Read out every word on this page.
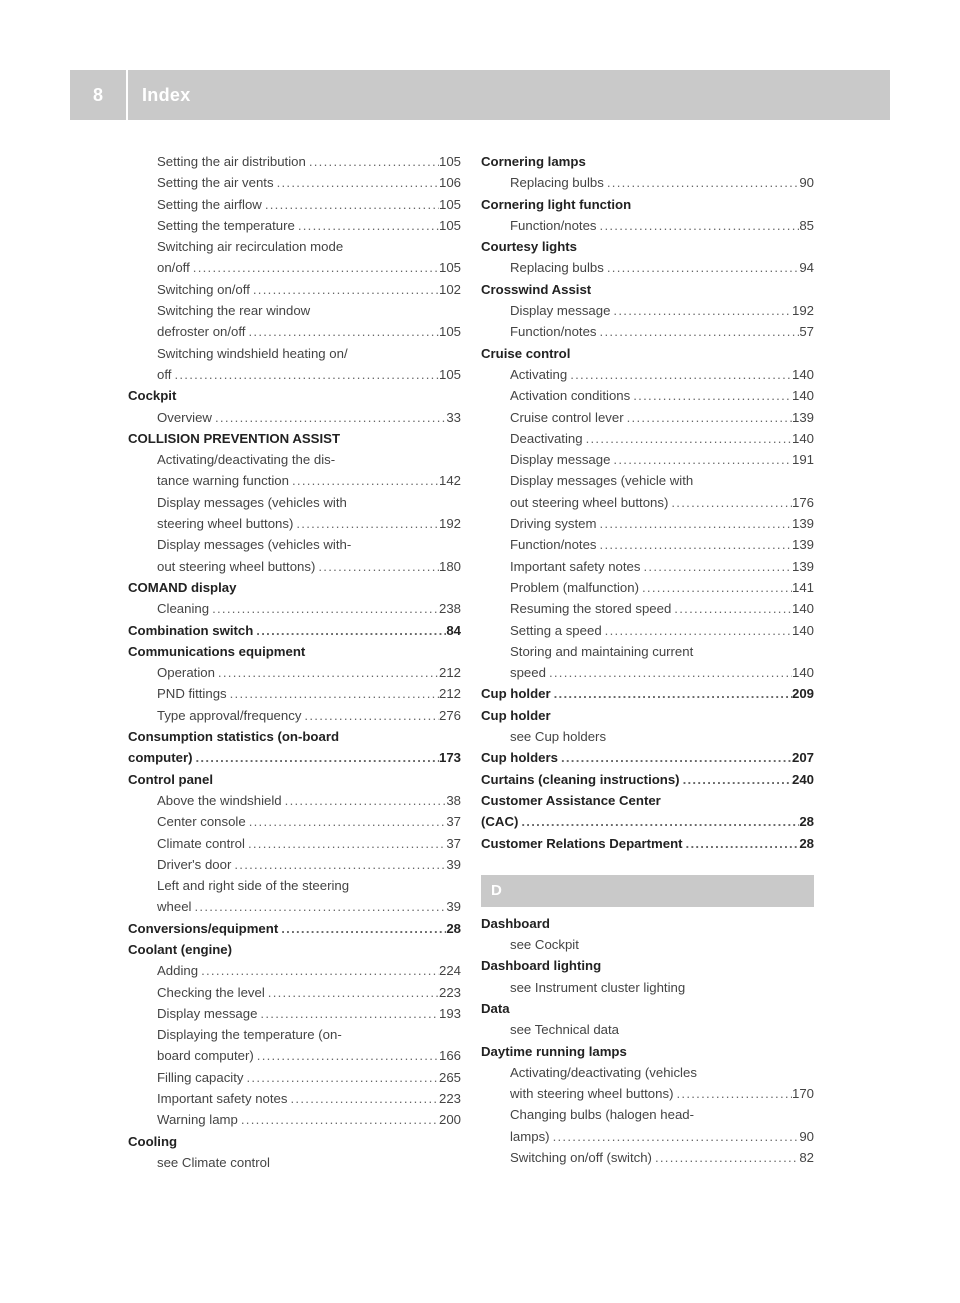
8	Index
Setting the air distribution . . .	105
Setting the air vents . . .	106
Setting the airflow . . .	105
Setting the temperature . . .	105
Switching air recirculation mode
on/off . . .	105
Switching on/off . . .	102
Switching the rear window
defroster on/off . . .	105
Switching windshield heating on/
off . . .	105
Cockpit
Overview . . .	33
COLLISION PREVENTION ASSIST
Activating/deactivating the dis-
tance warning function . . .	142
Display messages (vehicles with
steering wheel buttons) . . .	192
Display messages (vehicles with-
out steering wheel buttons) . . .	180
COMAND display
Cleaning . . .	238
Combination switch . . .	84
Communications equipment
Operation . . .	212
PND fittings . . .	212
Type approval/frequency . . .	276
Consumption statistics (on-board
computer) . . .	173
Control panel
Above the windshield . . .	38
Center console . . .	37
Climate control . . .	37
Driver's door . . .	39
Left and right side of the steering
wheel . . .	39
Conversions/equipment . . .	28
Coolant (engine)
Adding . . .	224
Checking the level . . .	223
Display message . . .	193
Displaying the temperature (on-
board computer) . . .	166
Filling capacity . . .	265
Important safety notes . . .	223
Warning lamp . . .	200
Cooling
see Climate control
Cornering lamps
Replacing bulbs . . .	90
Cornering light function
Function/notes . . .	85
Courtesy lights
Replacing bulbs . . .	94
Crosswind Assist
Display message . . .	192
Function/notes . . .	57
Cruise control
Activating . . .	140
Activation conditions . . .	140
Cruise control lever . . .	139
Deactivating . . .	140
Display message . . .	191
Display messages (vehicle with
out steering wheel buttons) . . .	176
Driving system . . .	139
Function/notes . . .	139
Important safety notes . . .	139
Problem (malfunction) . . .	141
Resuming the stored speed . . .	140
Setting a speed . . .	140
Storing and maintaining current
speed . . .	140
Cup holder . . .	209
Cup holder
see Cup holders
Cup holders . . .	207
Curtains (cleaning instructions) . . .	240
Customer Assistance Center
(CAC) . . .	28
Customer Relations Department . . .	28
D
Dashboard
see Cockpit
Dashboard lighting
see Instrument cluster lighting
Data
see Technical data
Daytime running lamps
Activating/deactivating (vehicles
with steering wheel buttons) . . .	170
Changing bulbs (halogen head-
lamps) . . .	90
Switching on/off (switch) . . .	82
